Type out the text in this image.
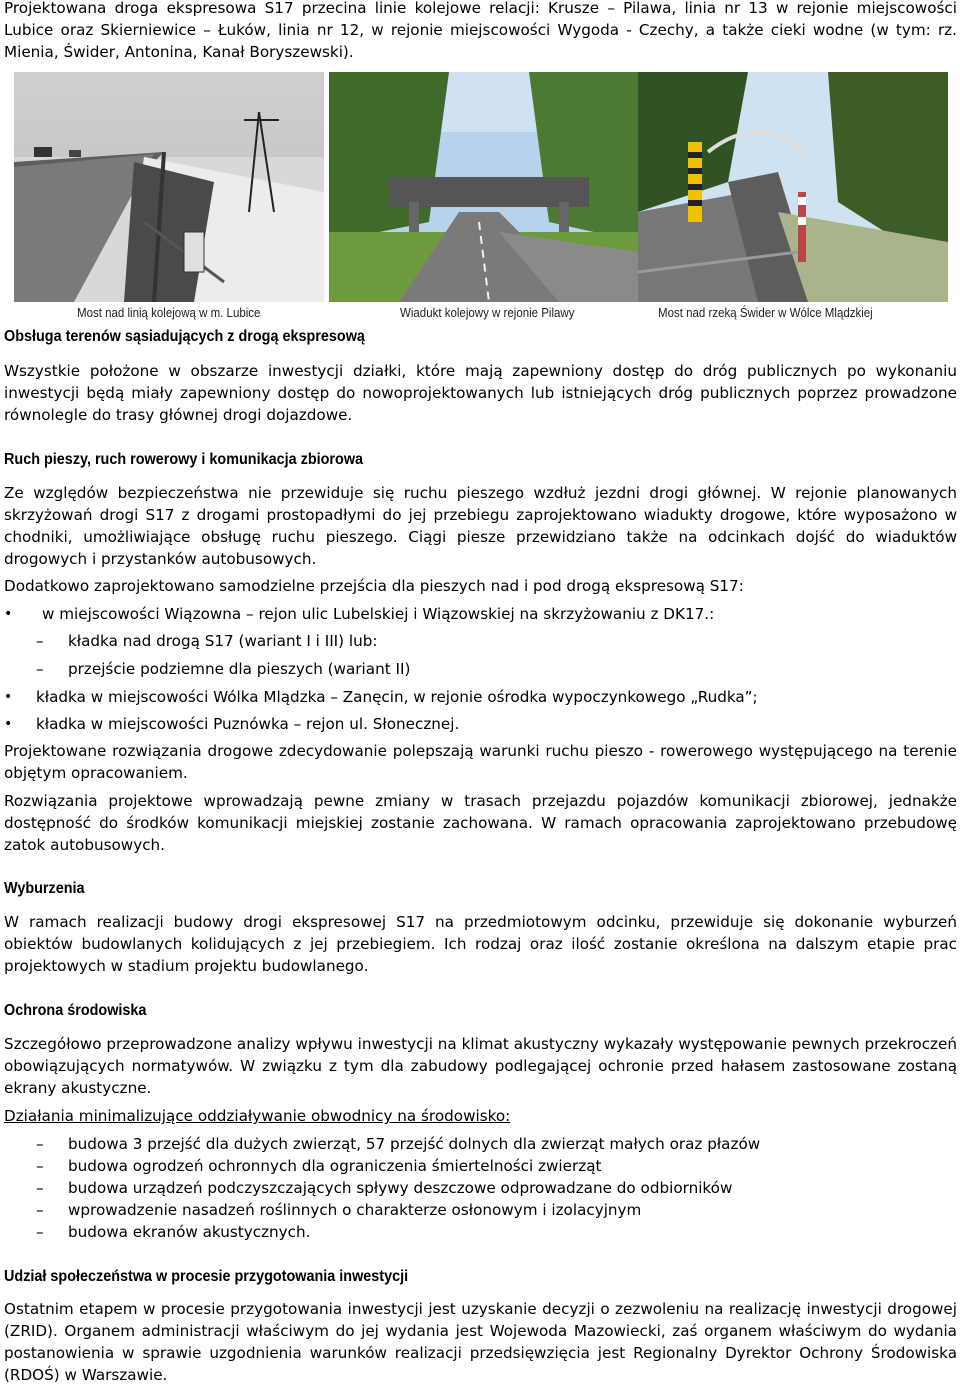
Projektowana droga ekspresowa S17 przecina linie kolejowe relacji: Krusze – Pilawa, linia nr 13 w rejonie miejscowości Lubice oraz Skierniewice – Łuków, linia nr 12, w rejonie miejscowości Wygoda - Czechy, a także cieki wodne (w tym: rz. Mienia, Świder, Antonina, Kanał Boryszewski).

Most nad linią kolejową w m. Lubice	Wiadukt kolejowy w rejonie Pilawy	Most nad rzeką Świder w Wólce Mlądzkiej
Obsługa terenów sąsiadujących z drogą ekspresową

Wszystkie położone w obszarze inwestycji działki, które mają zapewniony dostęp do dróg publicznych po wykonaniu inwestycji będą miały zapewniony dostęp do nowoprojektowanych lub istniejących dróg publicznych poprzez prowadzone równolegle do trasy głównej drogi dojazdowe.

Ruch pieszy, ruch rowerowy i komunikacja zbiorowa

Ze względów bezpieczeństwa nie przewiduje się ruchu pieszego wzdłuż jezdni drogi głównej. W rejonie planowanych skrzyżowań drogi S17 z drogami prostopadłymi do jej przebiegu zaprojektowano wiadukty drogowe, które wyposażono w chodniki, umożliwiające obsługę ruchu pieszego. Ciągi piesze przewidziano także na odcinkach dojść do wiaduktów drogowych i przystanków autobusowych.

Dodatkowo zaprojektowano samodzielne przejścia dla pieszych nad i pod drogą ekspresową S17:

• w miejscowości Wiązowna – rejon ulic Lubelskiej i Wiązowskiej na skrzyżowaniu z DK17.:
– kładka nad drogą S17 (wariant I i III) lub:
– przejście podziemne dla pieszych (wariant II)
• kładka w miejscowości Wólka Mlądzka – Zanęcin, w rejonie ośrodka wypoczynkowego „Rudka”;
• kładka w miejscowości Puznówka – rejon ul. Słonecznej.

Projektowane rozwiązania drogowe zdecydowanie polepszają warunki ruchu pieszo - rowerowego występującego na terenie objętym opracowaniem.

Rozwiązania projektowe wprowadzają pewne zmiany w trasach przejazdu pojazdów komunikacji zbiorowej, jednakże dostępność do środków komunikacji miejskiej zostanie zachowana. W ramach opracowania zaprojektowano przebudowę zatok autobusowych.

Wyburzenia

W ramach realizacji budowy drogi ekspresowej S17 na przedmiotowym odcinku, przewiduje się dokonanie wyburzeń obiektów budowlanych kolidujących z jej przebiegiem. Ich rodzaj oraz ilość zostanie określona na dalszym etapie prac projektowych w stadium projektu budowlanego.

Ochrona środowiska

Szczegółowo przeprowadzone analizy wpływu inwestycji na klimat akustyczny wykazały występowanie pewnych przekroczeń obowiązujących normatywów. W związku z tym dla zabudowy podlegającej ochronie przed hałasem zastosowane zostaną ekrany akustyczne.

Działania minimalizujące oddziaływanie obwodnicy na środowisko:

– budowa 3 przejść dla dużych zwierząt, 57 przejść dolnych dla zwierząt małych oraz płazów
– budowa ogrodzeń ochronnych dla ograniczenia śmiertelności zwierząt
– budowa urządzeń podczyszczających spływy deszczowe odprowadzane do odbiorników
– wprowadzenie nasadzeń roślinnych o charakterze osłonowym i izolacyjnym
– budowa ekranów akustycznych.
Udział społeczeństwa w procesie przygotowania inwestycji

Ostatnim etapem w procesie przygotowania inwestycji jest uzyskanie decyzji o zezwoleniu na realizację inwestycji drogowej (ZRID). Organem administracji właściwym do jej wydania jest Wojewoda Mazowiecki, zaś organem właściwym do wydania postanowienia w sprawie uzgodnienia warunków realizacji przedsięwzięcia jest Regionalny Dyrektor Ochrony Środowiska (RDOŚ) w Warszawie.
